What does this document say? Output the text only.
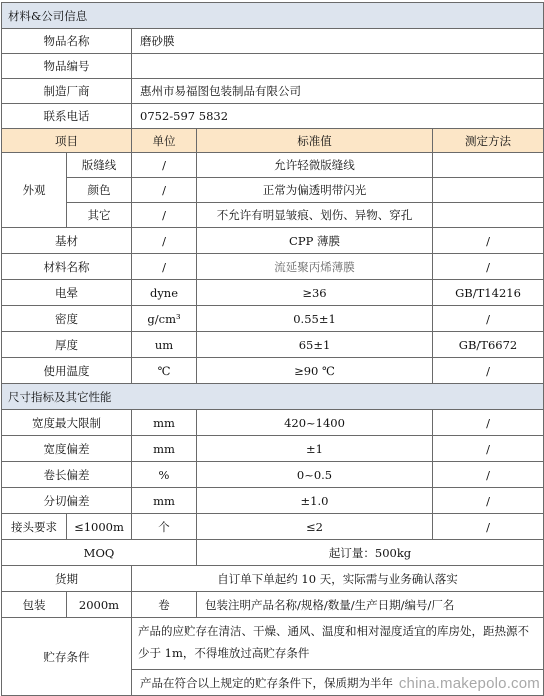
材料&公司信息				
物品名称		磨砂膜		
物品编号				
制造厂商		惠州市易福图包装制品有限公司		
联系电话		0752-597 5832		
项目		单位	标准值	测定方法
外观	版缝线	/	允许轻微版缝线	
	颜色	/	正常为偏透明带闪光	
	其它	/	不允许有明显皱痕、划伤、异物、穿孔	
基材		/	CPP 薄膜	/
材料名称		/	流延聚丙烯薄膜	/
电晕		dyne	≥36	GB/T14216
密度		g/cm³	0.55±1	/
厚度		um	65±1	GB/T6672
使用温度		℃	≥90 ℃	/
尺寸指标及其它性能				
宽度最大限制		mm	420~1400	/
宽度偏差		mm	±1	/
卷长偏差		%	0~0.5	/
分切偏差		mm	±1.0	/
接头要求	≤1000m	个	≤2	/
MOQ			起订量：500kg	
货期		自订单下单起约 10 天，实际需与业务确认落实		
包装	2000m	卷	包装注明产品名称/规格/数量/生产日期/编号/厂名	
贮存条件		产品的应贮存在清洁、干燥、通风、温度和相对湿度适宜的库房处，距热源不少于 1m，不得堆放过高贮存条件		
		产品在符合以上规定的贮存条件下，保质期为半年		china.makepolo.com
